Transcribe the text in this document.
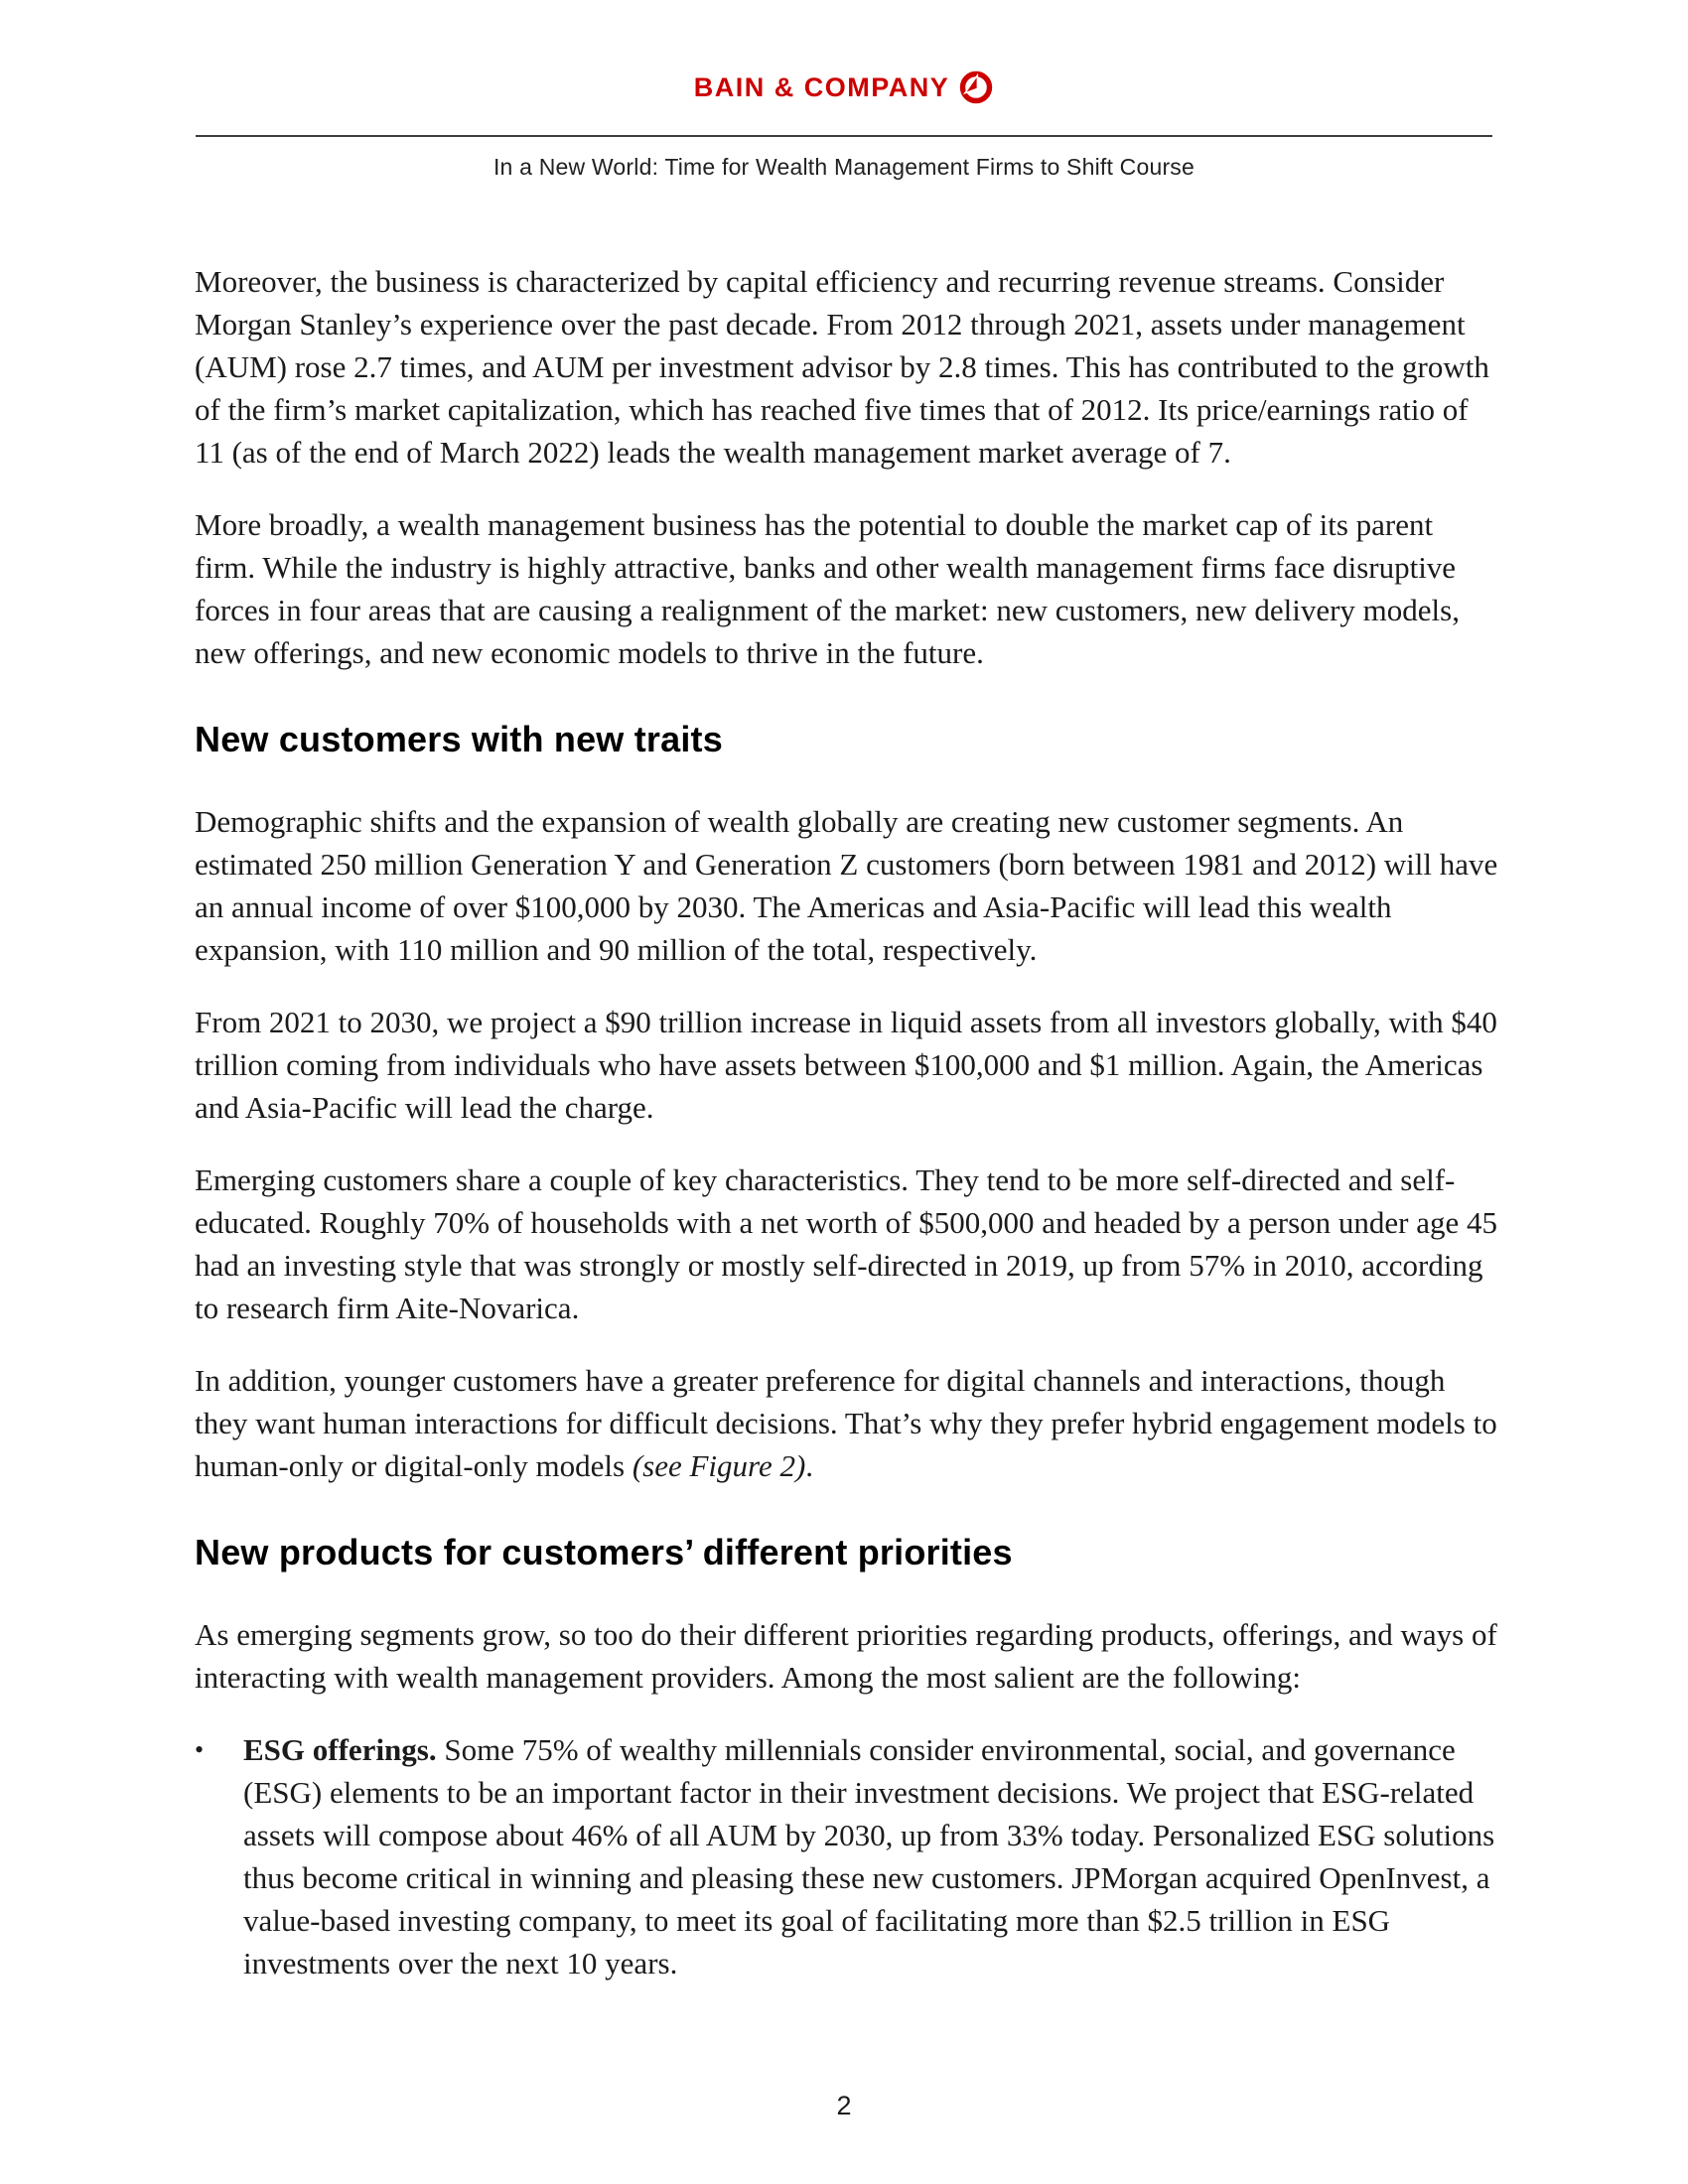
BAIN & COMPANY
In a New World: Time for Wealth Management Firms to Shift Course

Moreover, the business is characterized by capital efficiency and recurring revenue streams. Consider Morgan Stanley’s experience over the past decade. From 2012 through 2021, assets under management (AUM) rose 2.7 times, and AUM per investment advisor by 2.8 times. This has contributed to the growth of the firm’s market capitalization, which has reached five times that of 2012. Its price/earnings ratio of 11 (as of the end of March 2022) leads the wealth management market average of 7.

More broadly, a wealth management business has the potential to double the market cap of its parent firm. While the industry is highly attractive, banks and other wealth management firms face disruptive forces in four areas that are causing a realignment of the market: new customers, new delivery models, new offerings, and new economic models to thrive in the future.

New customers with new traits

Demographic shifts and the expansion of wealth globally are creating new customer segments. An estimated 250 million Generation Y and Generation Z customers (born between 1981 and 2012) will have an annual income of over $100,000 by 2030. The Americas and Asia-Pacific will lead this wealth expansion, with 110 million and 90 million of the total, respectively.

From 2021 to 2030, we project a $90 trillion increase in liquid assets from all investors globally, with $40 trillion coming from individuals who have assets between $100,000 and $1 million. Again, the Americas and Asia-Pacific will lead the charge.

Emerging customers share a couple of key characteristics. They tend to be more self-directed and self-educated. Roughly 70% of households with a net worth of $500,000 and headed by a person under age 45 had an investing style that was strongly or mostly self-directed in 2019, up from 57% in 2010, according to research firm Aite-Novarica.

In addition, younger customers have a greater preference for digital channels and interactions, though they want human interactions for difficult decisions. That’s why they prefer hybrid engagement models to human-only or digital-only models (see Figure 2).

New products for customers’ different priorities

As emerging segments grow, so too do their different priorities regarding products, offerings, and ways of interacting with wealth management providers. Among the most salient are the following:

•	ESG offerings. Some 75% of wealthy millennials consider environmental, social, and governance (ESG) elements to be an important factor in their investment decisions. We project that ESG-related assets will compose about 46% of all AUM by 2030, up from 33% today. Personalized ESG solutions thus become critical in winning and pleasing these new customers. JPMorgan acquired OpenInvest, a value-based investing company, to meet its goal of facilitating more than $2.5 trillion in ESG investments over the next 10 years.
2
